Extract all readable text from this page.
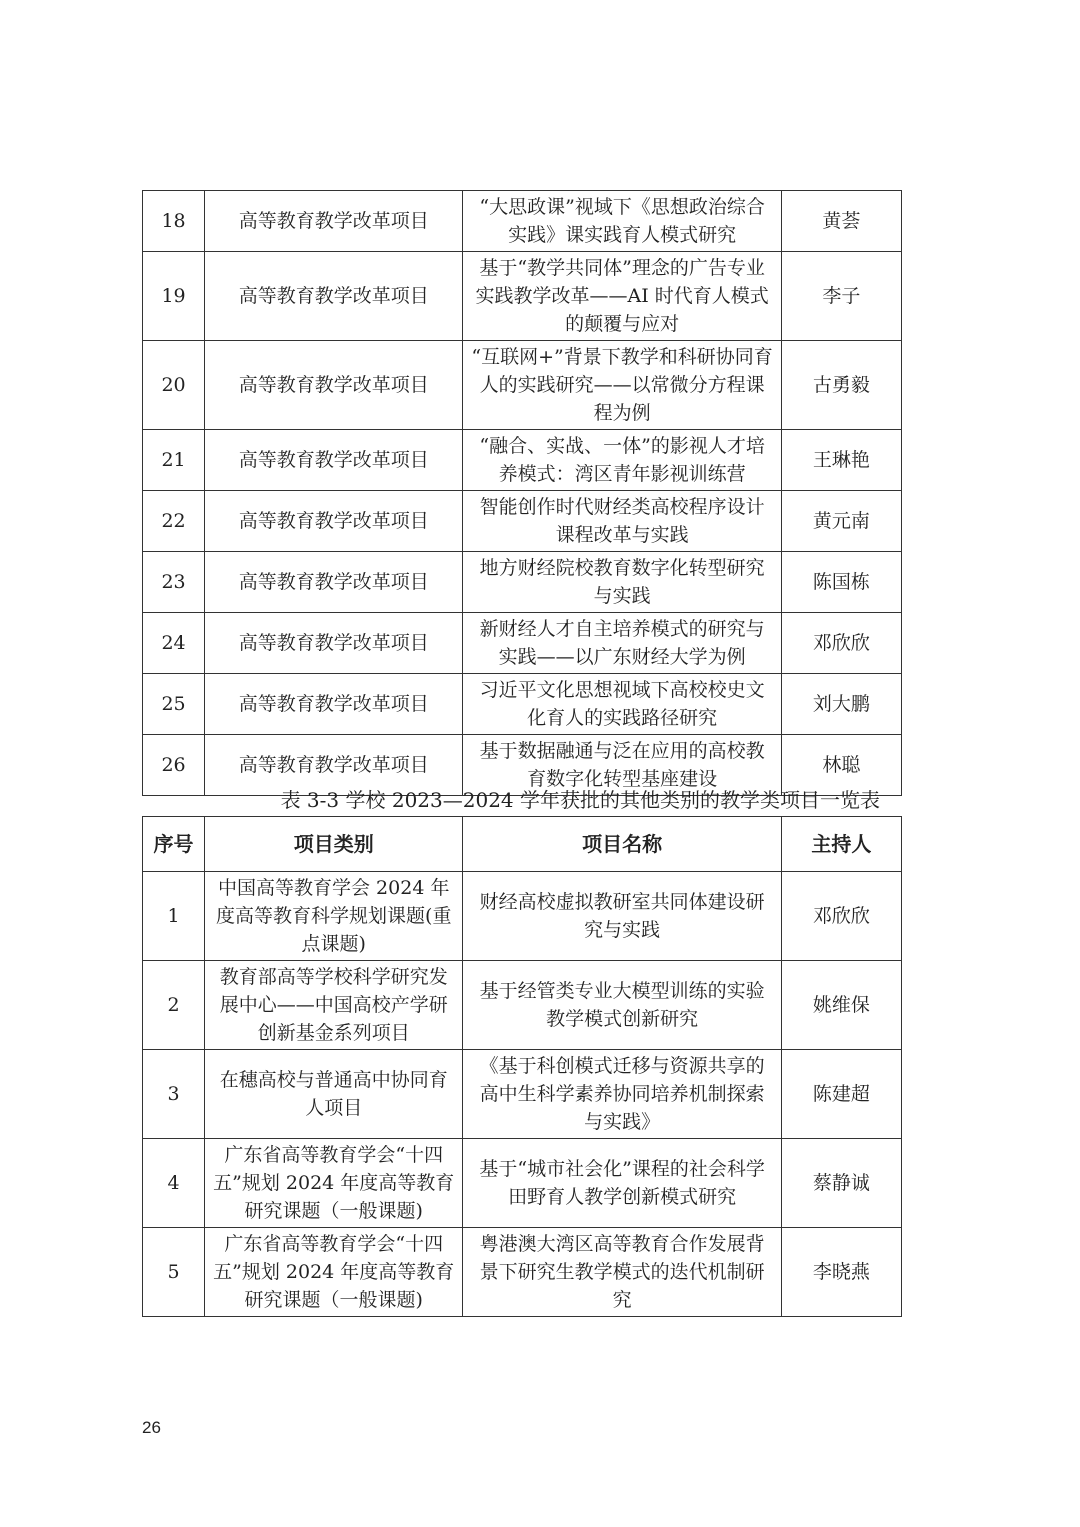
18	高等教育教学改革项目	“大思政课”视域下《思想政治综合实践》课实践育人模式研究	黄荟
19	高等教育教学改革项目	基于“教学共同体”理念的广告专业实践教学改革——AI 时代育人模式的颠覆与应对	李子
20	高等教育教学改革项目	“互联网+”背景下教学和科研协同育人的实践研究——以常微分方程课程为例	古勇毅
21	高等教育教学改革项目	“融合、实战、一体”的影视人才培养模式：湾区青年影视训练营	王琳艳
22	高等教育教学改革项目	智能创作时代财经类高校程序设计课程改革与实践	黄元南
23	高等教育教学改革项目	地方财经院校教育数字化转型研究与实践	陈国栋
24	高等教育教学改革项目	新财经人才自主培养模式的研究与实践——以广东财经大学为例	邓欣欣
25	高等教育教学改革项目	习近平文化思想视域下高校校史文化育人的实践路径研究	刘大鹏
26	高等教育教学改革项目	基于数据融通与泛在应用的高校教育数字化转型基座建设	林聪
表 3-3 学校 2023—2024 学年获批的其他类别的教学类项目一览表
序号	项目类别	项目名称	主持人
1	中国高等教育学会 2024 年度高等教育科学规划课题(重点课题)	财经高校虚拟教研室共同体建设研究与实践	邓欣欣
2	教育部高等学校科学研究发展中心——中国高校产学研创新基金系列项目	基于经管类专业大模型训练的实验教学模式创新研究	姚维保
3	在穗高校与普通高中协同育人项目	《基于科创模式迁移与资源共享的高中生科学素养协同培养机制探索与实践》	陈建超
4	广东省高等教育学会“十四五”规划 2024 年度高等教育研究课题（一般课题)	基于“城市社会化”课程的社会科学田野育人教学创新模式研究	蔡静诚
5	广东省高等教育学会“十四五”规划 2024 年度高等教育研究课题（一般课题)	粤港澳大湾区高等教育合作发展背景下研究生教学模式的迭代机制研究	李晓燕
26
